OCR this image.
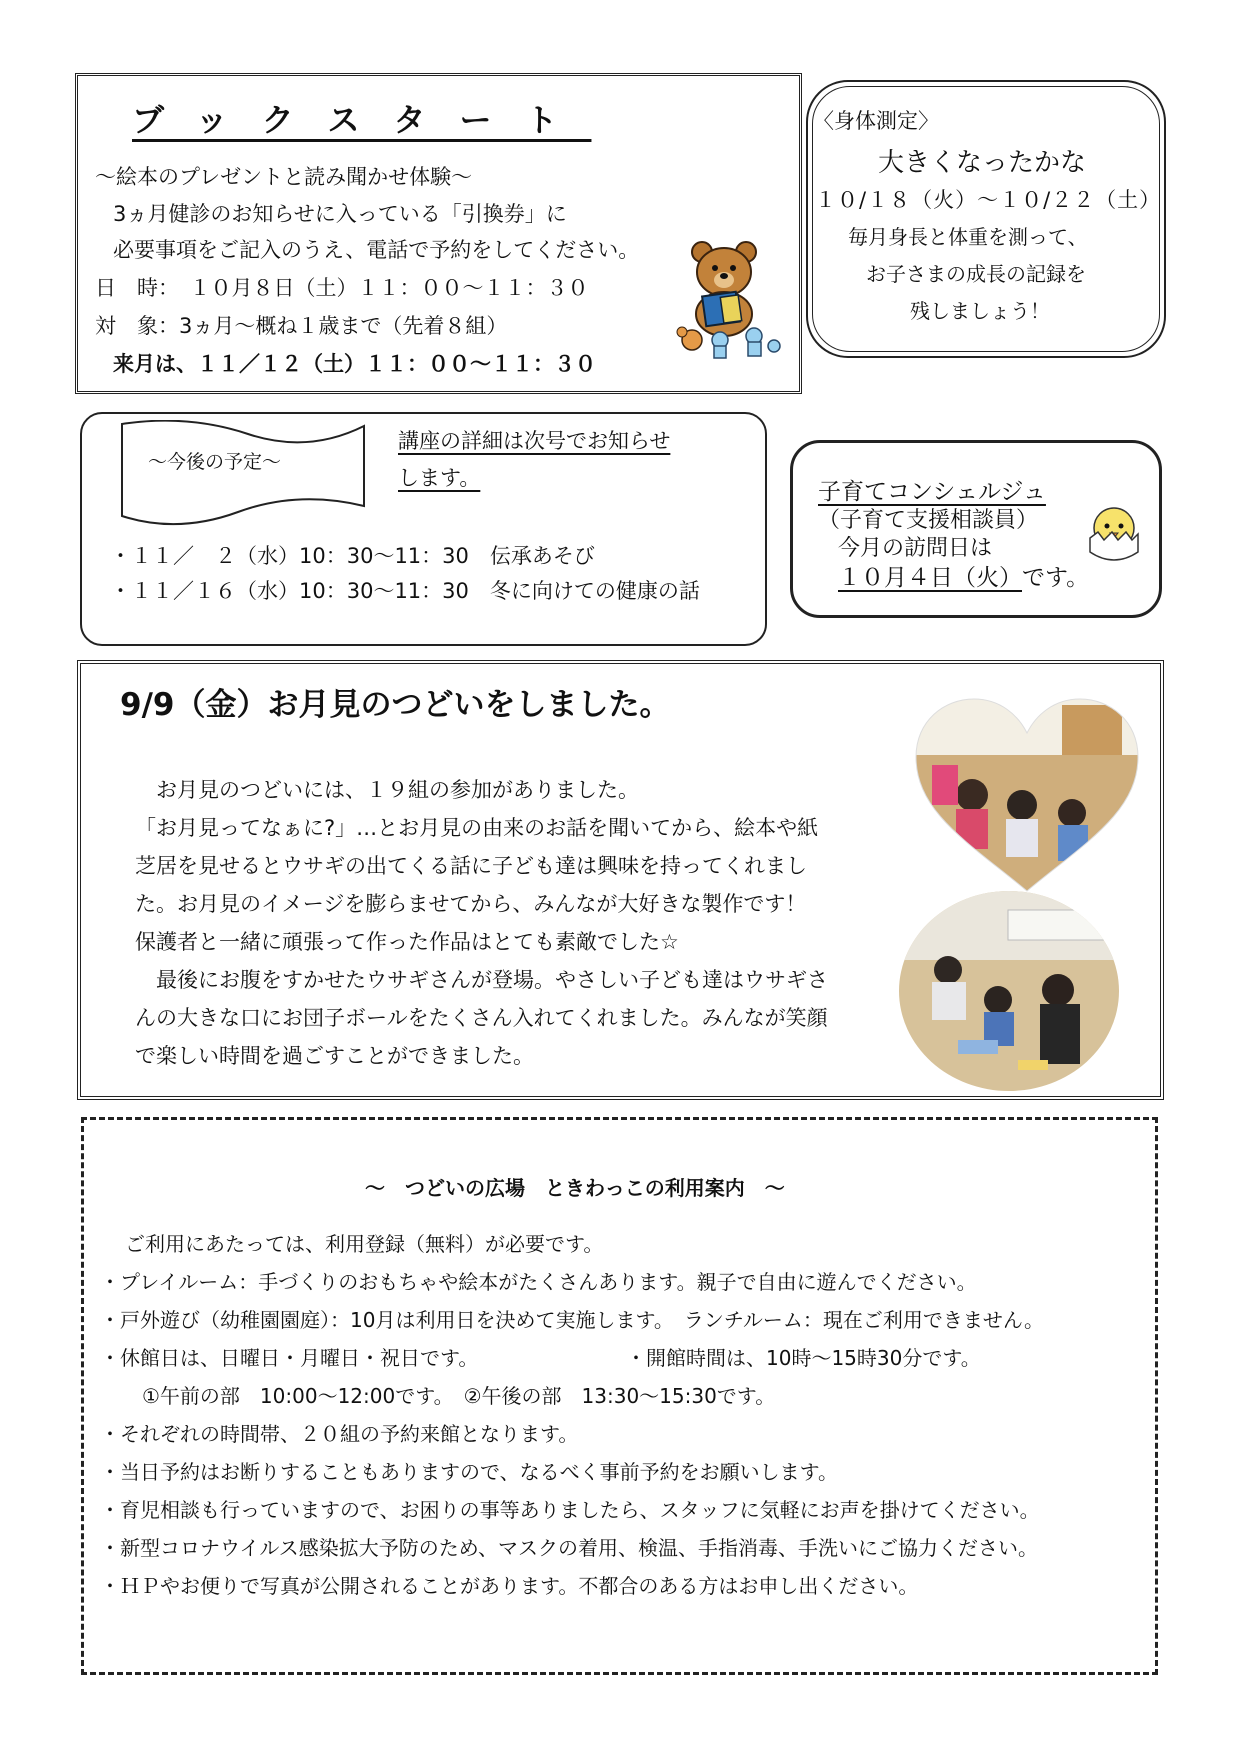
ブックスタート
～絵本のプレゼントと読み聞かせ体験～
3ヵ月健診のお知らせに入っている「引換券」に
必要事項をご記入のうえ、電話で予約をしてください。
日　時：　１０月８日（土）１１：００～１１：３０
対　象：3ヵ月～概ね１歳まで（先着８組）
来月は、１１／１２（土）１１：００～１１：３０
〈身体測定〉
大きくなったかな
１０/１８（火）～１０/２２（土）
毎月身長と体重を測って、
お子さまの成長の記録を
残しましょう！
～今後の予定～
講座の詳細は次号でお知らせ
します。
・１１／　２（水）10：30～11：30　伝承あそび
・１１／１６（水）10：30～11：30　冬に向けての健康の話
子育てコンシェルジュ
（子育て支援相談員）
今月の訪問日は
１０月４日（火）です。
9/9（金）お月見のつどいをしました。
　お月見のつどいには、１９組の参加がありました。
「お月見ってなぁに?」…とお月見の由来のお話を聞いてから、絵本や紙
芝居を見せるとウサギの出てくる話に子ども達は興味を持ってくれまし
た。お月見のイメージを膨らませてから、みんなが大好きな製作です！
保護者と一緒に頑張って作った作品はとても素敵でした☆
　最後にお腹をすかせたウサギさんが登場。やさしい子ども達はウサギさ
んの大きな口にお団子ボールをたくさん入れてくれました。みんなが笑顔
で楽しい時間を過ごすことができました。
～　つどいの広場　ときわっこの利用案内　～
ご利用にあたっては、利用登録（無料）が必要です。
・プレイルーム：手づくりのおもちゃや絵本がたくさんあります。親子で自由に遊んでください。
・戸外遊び（幼稚園園庭）：10月は利用日を決めて実施します。　ランチルーム：現在ご利用できません。
・休館日は、日曜日・月曜日・祝日です。	・開館時間は、10時～15時30分です。
①午前の部　10:00～12:00です。　②午後の部　13:30～15:30です。
・それぞれの時間帯、２０組の予約来館となります。
・当日予約はお断りすることもありますので、なるべく事前予約をお願いします。
・育児相談も行っていますので、お困りの事等ありましたら、スタッフに気軽にお声を掛けてください。
・新型コロナウイルス感染拡大予防のため、マスクの着用、検温、手指消毒、手洗いにご協力ください。
・ＨＰやお便りで写真が公開されることがあります。不都合のある方はお申し出ください。
